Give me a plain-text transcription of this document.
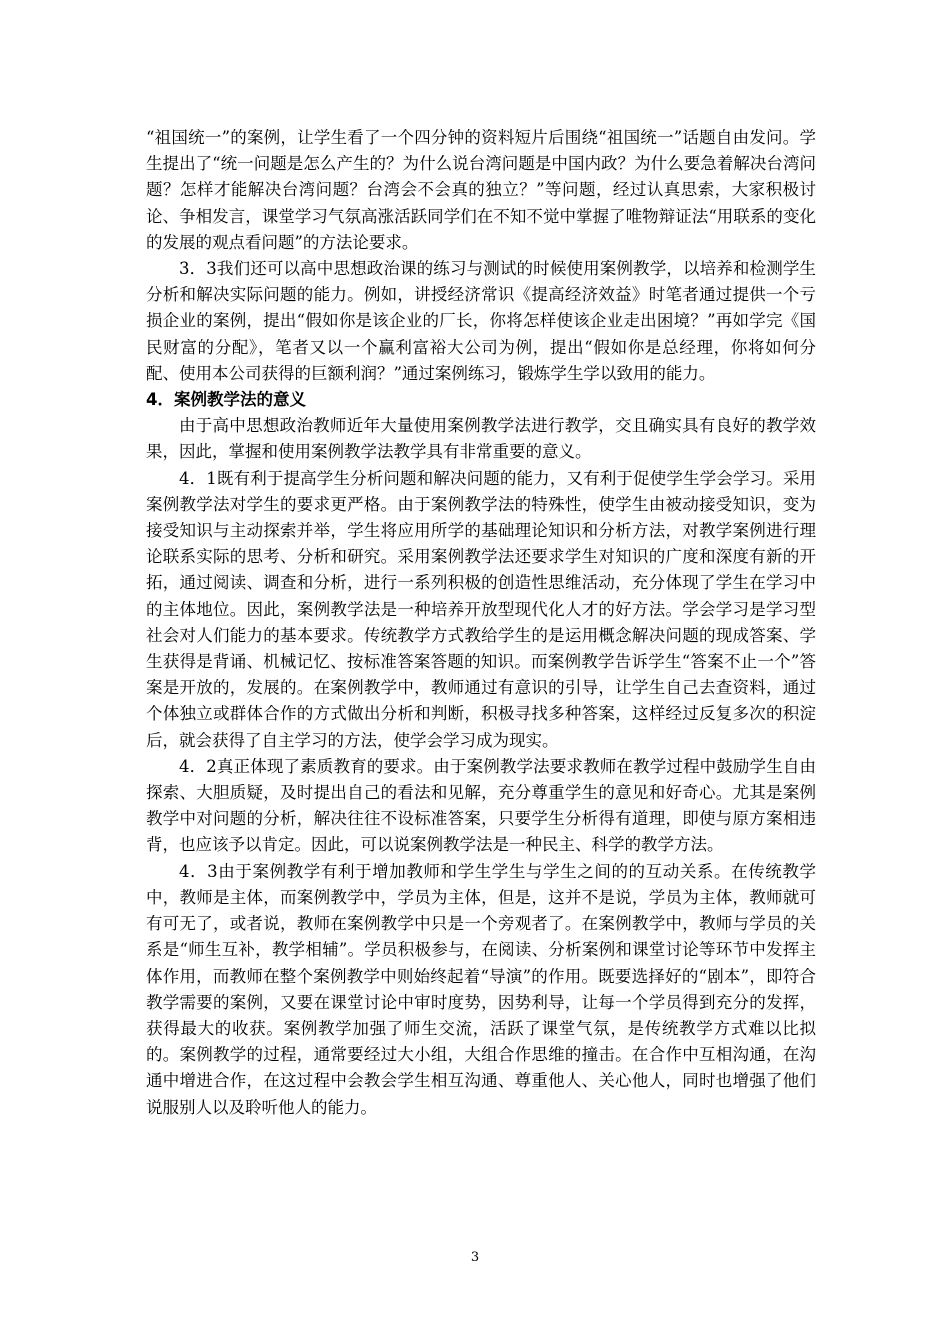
“祖国统一”的案例，让学生看了一个四分钟的资料短片后围绕“祖国统一”话题自由发问。学生提出了“统一问题是怎么产生的？为什么说台湾问题是中国内政？为什么要急着解决台湾问题？怎样才能解决台湾问题？台湾会不会真的独立？”等问题，经过认真思索，大家积极讨论、争相发言，课堂学习气氛高涨活跃同学们在不知不觉中掌握了唯物辩证法“用联系的变化的发展的观点看问题”的方法论要求。

3．3我们还可以高中思想政治课的练习与测试的时候使用案例教学，以培养和检测学生分析和解决实际问题的能力。例如，讲授经济常识《提高经济效益》时笔者通过提供一个亏损企业的案例，提出“假如你是该企业的厂长，你将怎样使该企业走出困境？”再如学完《国民财富的分配》，笔者又以一个赢利富裕大公司为例，提出“假如你是总经理，你将如何分配、使用本公司获得的巨额利润？”通过案例练习，锻炼学生学以致用的能力。

4．案例教学法的意义

由于高中思想政治教师近年大量使用案例教学法进行教学，交且确实具有良好的教学效果，因此，掌握和使用案例教学法教学具有非常重要的意义。

4．1既有利于提高学生分析问题和解决问题的能力，又有利于促使学生学会学习。采用案例教学法对学生的要求更严格。由于案例教学法的特殊性，使学生由被动接受知识，变为接受知识与主动探索并举，学生将应用所学的基础理论知识和分析方法，对教学案例进行理论联系实际的思考、分析和研究。采用案例教学法还要求学生对知识的广度和深度有新的开拓，通过阅读、调查和分析，进行一系列积极的创造性思维活动，充分体现了学生在学习中的主体地位。因此，案例教学法是一种培养开放型现代化人才的好方法。学会学习是学习型社会对人们能力的基本要求。传统教学方式教给学生的是运用概念解决问题的现成答案、学生获得是背诵、机械记忆、按标准答案答题的知识。而案例教学告诉学生“答案不止一个”答案是开放的，发展的。在案例教学中，教师通过有意识的引导，让学生自己去查资料，通过个体独立或群体合作的方式做出分析和判断，积极寻找多种答案，这样经过反复多次的积淀后，就会获得了自主学习的方法，使学会学习成为现实。

4．2真正体现了素质教育的要求。由于案例教学法要求教师在教学过程中鼓励学生自由探索、大胆质疑，及时提出自己的看法和见解，充分尊重学生的意见和好奇心。尤其是案例教学中对问题的分析，解决往往不设标准答案，只要学生分析得有道理，即使与原方案相违背，也应该予以肯定。因此，可以说案例教学法是一种民主、科学的教学方法。

4．3由于案例教学有利于增加教师和学生学生与学生之间的的互动关系。在传统教学中，教师是主体，而案例教学中，学员为主体，但是，这并不是说，学员为主体，教师就可有可无了，或者说，教师在案例教学中只是一个旁观者了。在案例教学中，教师与学员的关系是“师生互补，教学相辅”。学员积极参与，在阅读、分析案例和课堂讨论等环节中发挥主体作用，而教师在整个案例教学中则始终起着“导演”的作用。既要选择好的“剧本”，即符合教学需要的案例，又要在课堂讨论中审时度势，因势利导，让每一个学员得到充分的发挥，获得最大的收获。案例教学加强了师生交流，活跃了课堂气氛，是传统教学方式难以比拟的。案例教学的过程，通常要经过大小组，大组合作思维的撞击。在合作中互相沟通，在沟通中增进合作，在这过程中会教会学生相互沟通、尊重他人、关心他人，同时也增强了他们说服别人以及聆听他人的能力。

3
